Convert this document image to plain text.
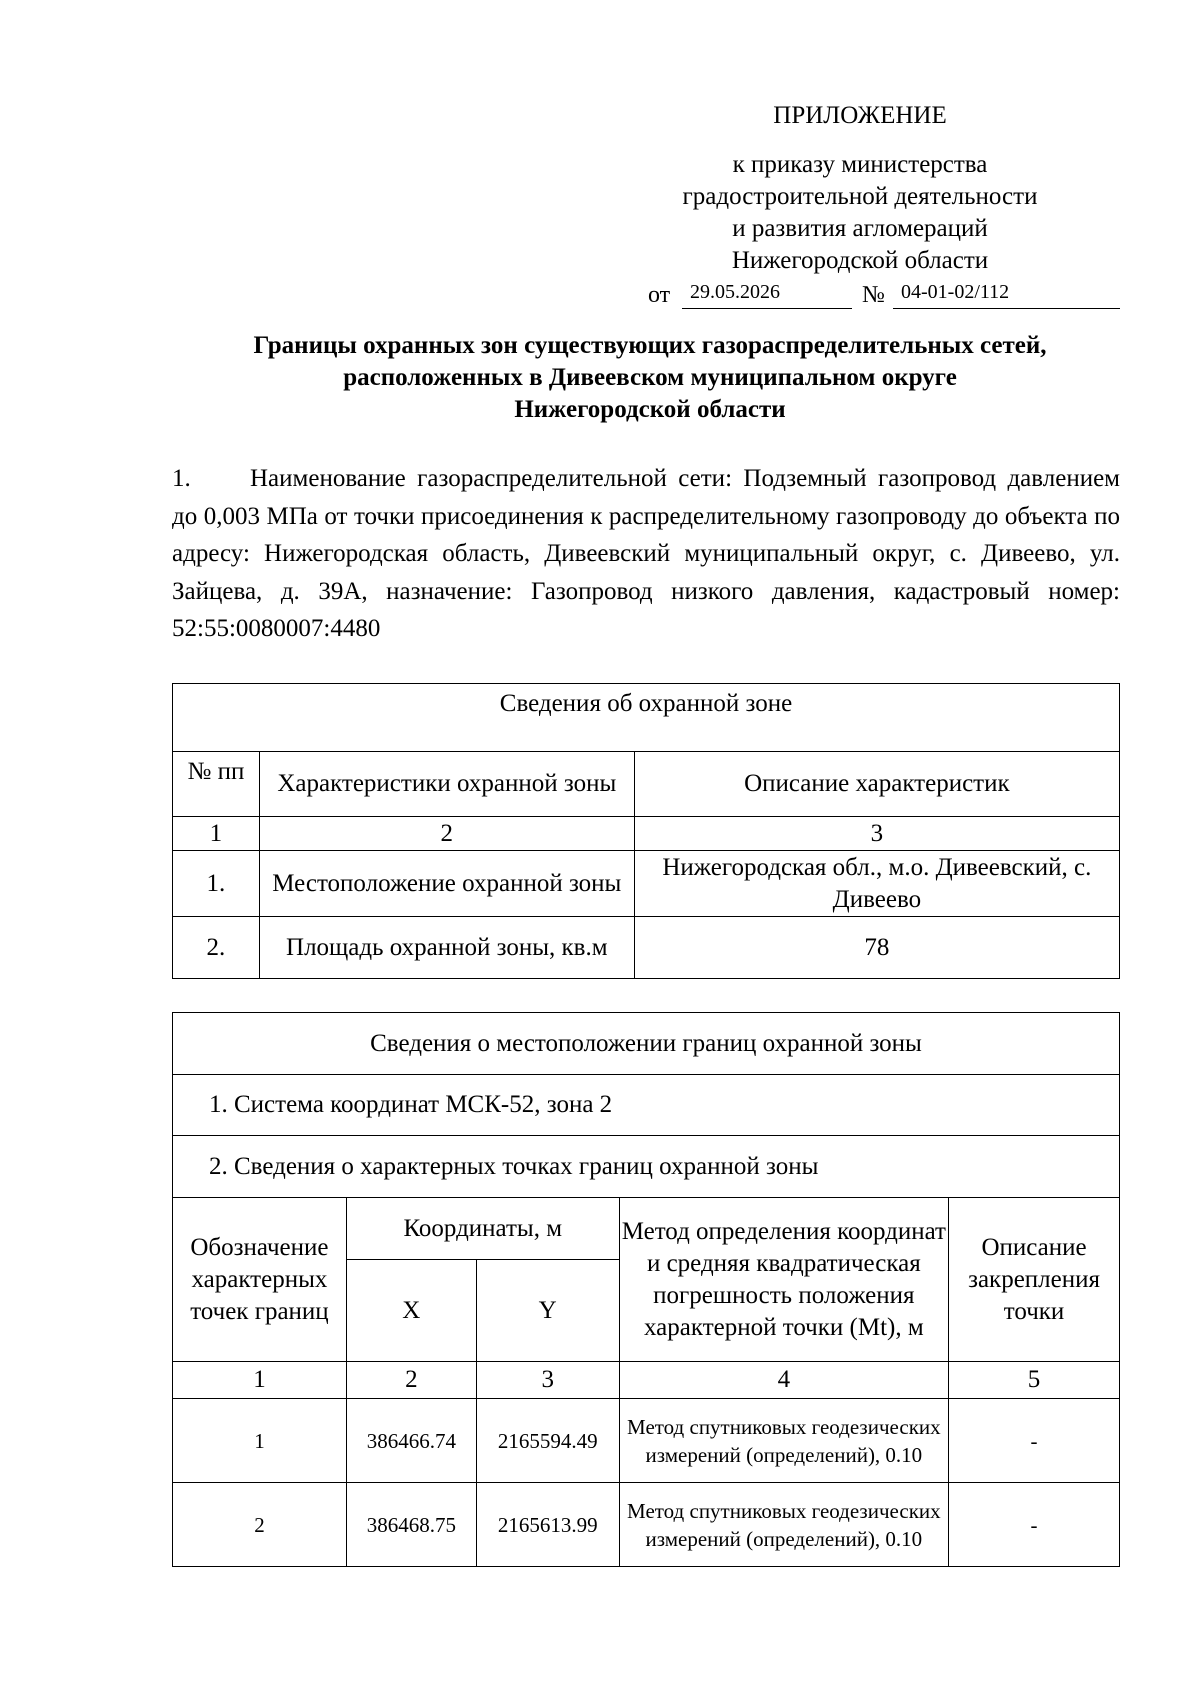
ПРИЛОЖЕНИЕ
к приказу министерства
градостроительной деятельности
и развития агломераций
Нижегородской области
от 29.05.2026	№ 04-01-02/112
Границы охранных зон существующих газораспределительных сетей,
расположенных в Дивеевском муниципальном округе
Нижегородской области
1. Наименование газораспределительной сети: Подземный газопровод давлением до 0,003 МПа от точки присоединения к распределительному газопроводу до объекта по адресу: Нижегородская область, Дивеевский муниципальный округ, с. Дивеево, ул. Зайцева, д. 39А, назначение: Газопровод низкого давления, кадастровый номер: 52:55:0080007:4480
Сведения об охранной зоне		
№ пп	Характеристики охранной зоны	Описание характеристик
1	2	3
1.	Местоположение охранной зоны	Нижегородская обл., м.о. Дивеевский, с. Дивеево
2.	Площадь охранной зоны, кв.м	78
Сведения о местоположении границ охранной зоны				
1. Система координат МСК-52, зона 2				
2. Сведения о характерных точках границ охранной зоны				
Обозначение характерных точек границ	Координаты, м		Метод определения координат и средняя квадратическая погрешность положения характерной точки (Mt), м	Описание закрепления точки
	X	Y		
1	2	3	4	5
1	386466.74	2165594.49	Метод спутниковых геодезических измерений (определений), 0.10	-
2	386468.75	2165613.99	Метод спутниковых геодезических измерений (определений), 0.10	-
